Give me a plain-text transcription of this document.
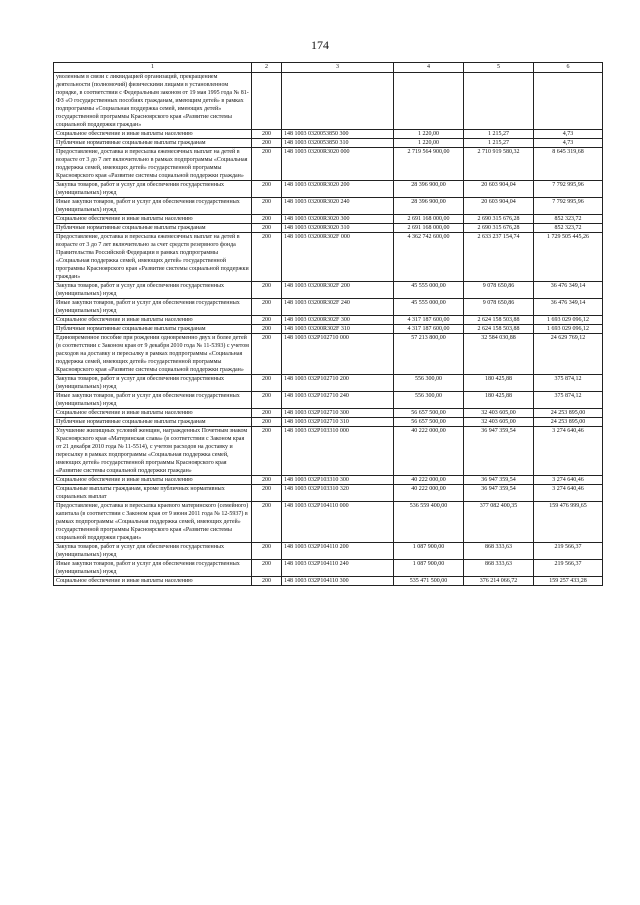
174
1	2	3	4	5	6
уволенным в связи с ликвидацией организаций, прекращением деятельности (полномочий) физическими лицами в установленном порядке, в соответствии с Федеральным законом от 19 мая 1995 года № 81-ФЗ «О государственных пособиях гражданам, имеющим детей» в рамках подпрограммы «Социальная поддержка семей, имеющих детей» государственной программы Красноярского края «Развитие системы социальной поддержки граждан»					
Социальное обеспечение и иные выплаты населению	200	148 1003 0320053850 300	1 220,00	1 215,27	4,73
Публичные нормативные социальные выплаты гражданам	200	148 1003 0320053850 310	1 220,00	1 215,27	4,73
Предоставление, доставка и пересылка ежемесячных выплат на детей в возрасте от 3 до 7 лет включительно в рамках подпрограммы «Социальная поддержка семей, имеющих детей» государственной программы Красноярского края «Развитие системы социальной поддержки граждан»	200	148 1003 03200R3020 000	2 719 564 900,00	2 710 919 580,32	8 645 319,68
Закупка товаров, работ и услуг для обеспечения государственных (муниципальных) нужд	200	148 1003 03200R3020 200	28 396 900,00	20 603 904,04	7 792 995,96
Иные закупки товаров, работ и услуг для обеспечения государственных (муниципальных) нужд	200	148 1003 03200R3020 240	28 396 900,00	20 603 904,04	7 792 995,96
Социальное обеспечение и иные выплаты населению	200	148 1003 03200R3020 300	2 691 168 000,00	2 690 315 676,28	852 323,72
Публичные нормативные социальные выплаты гражданам	200	148 1003 03200R3020 310	2 691 168 000,00	2 690 315 676,28	852 323,72
Предоставление, доставка и пересылка ежемесячных выплат на детей в возрасте от 3 до 7 лет включительно за счет средств резервного фонда Правительства Российской Федерации в рамках подпрограммы «Социальная поддержка семей, имеющих детей» государственной программы Красноярского края «Развитие системы социальной поддержки граждан»	200	148 1003 03200R302F 000	4 362 742 600,00	2 633 237 154,74	1 729 505 445,26
Закупка товаров, работ и услуг для обеспечения государственных (муниципальных) нужд	200	148 1003 03200R302F 200	45 555 000,00	9 078 650,86	36 476 349,14
Иные закупки товаров, работ и услуг для обеспечения государственных (муниципальных) нужд	200	148 1003 03200R302F 240	45 555 000,00	9 078 650,86	36 476 349,14
Социальное обеспечение и иные выплаты населению	200	148 1003 03200R302F 300	4 317 187 600,00	2 624 158 503,88	1 693 029 096,12
Публичные нормативные социальные выплаты гражданам	200	148 1003 03200R302F 310	4 317 187 600,00	2 624 158 503,88	1 693 029 096,12
Единовременное пособие при рождении одновременно двух и более детей (в соответствии с Законом края от 9 декабря 2010 года № 11-5393) с учетом расходов на доставку и пересылку в рамках подпрограммы «Социальная поддержка семей, имеющих детей» государственной программы Красноярского края «Развитие системы социальной поддержки граждан»	200	148 1003 032P102710 000	57 213 800,00	32 584 030,88	24 629 769,12
Закупка товаров, работ и услуг для обеспечения государственных (муниципальных) нужд	200	148 1003 032P102710 200	556 300,00	180 425,88	375 874,12
Иные закупки товаров, работ и услуг для обеспечения государственных (муниципальных) нужд	200	148 1003 032P102710 240	556 300,00	180 425,88	375 874,12
Социальное обеспечение и иные выплаты населению	200	148 1003 032P102710 300	56 657 500,00	32 403 605,00	24 253 895,00
Публичные нормативные социальные выплаты гражданам	200	148 1003 032P102710 310	56 657 500,00	32 403 605,00	24 253 895,00
Улучшение жилищных условий женщин, награжденных Почетным знаком Красноярского края «Материнская слава» (в соответствии с Законом края от 21 декабря 2010 года № 11-5514), с учетом расходов на доставку и пересылку в рамках подпрограммы «Социальная поддержка семей, имеющих детей» государственной программы Красноярского края «Развитие системы социальной поддержки граждан»	200	148 1003 032P103310 000	40 222 000,00	36 947 359,54	3 274 640,46
Социальное обеспечение и иные выплаты населению	200	148 1003 032P103310 300	40 222 000,00	36 947 359,54	3 274 640,46
Социальные выплаты гражданам, кроме публичных нормативных социальных выплат	200	148 1003 032P103310 320	40 222 000,00	36 947 359,54	3 274 640,46
Предоставление, доставка и пересылка краевого материнского (семейного) капитала (в соответствии с Законом края от 9 июня 2011 года № 12-5937) в рамках подпрограммы «Социальная поддержка семей, имеющих детей» государственной программы Красноярского края «Развитие системы социальной поддержки граждан»	200	148 1003 032P104110 000	536 559 400,00	377 082 400,35	159 476 999,65
Закупка товаров, работ и услуг для обеспечения государственных (муниципальных) нужд	200	148 1003 032P104110 200	1 087 900,00	868 333,63	219 566,37
Иные закупки товаров, работ и услуг для обеспечения государственных (муниципальных) нужд	200	148 1003 032P104110 240	1 087 900,00	868 333,63	219 566,37
Социальное обеспечение и иные выплаты населению	200	148 1003 032P104110 300	535 471 500,00	376 214 066,72	159 257 433,28
